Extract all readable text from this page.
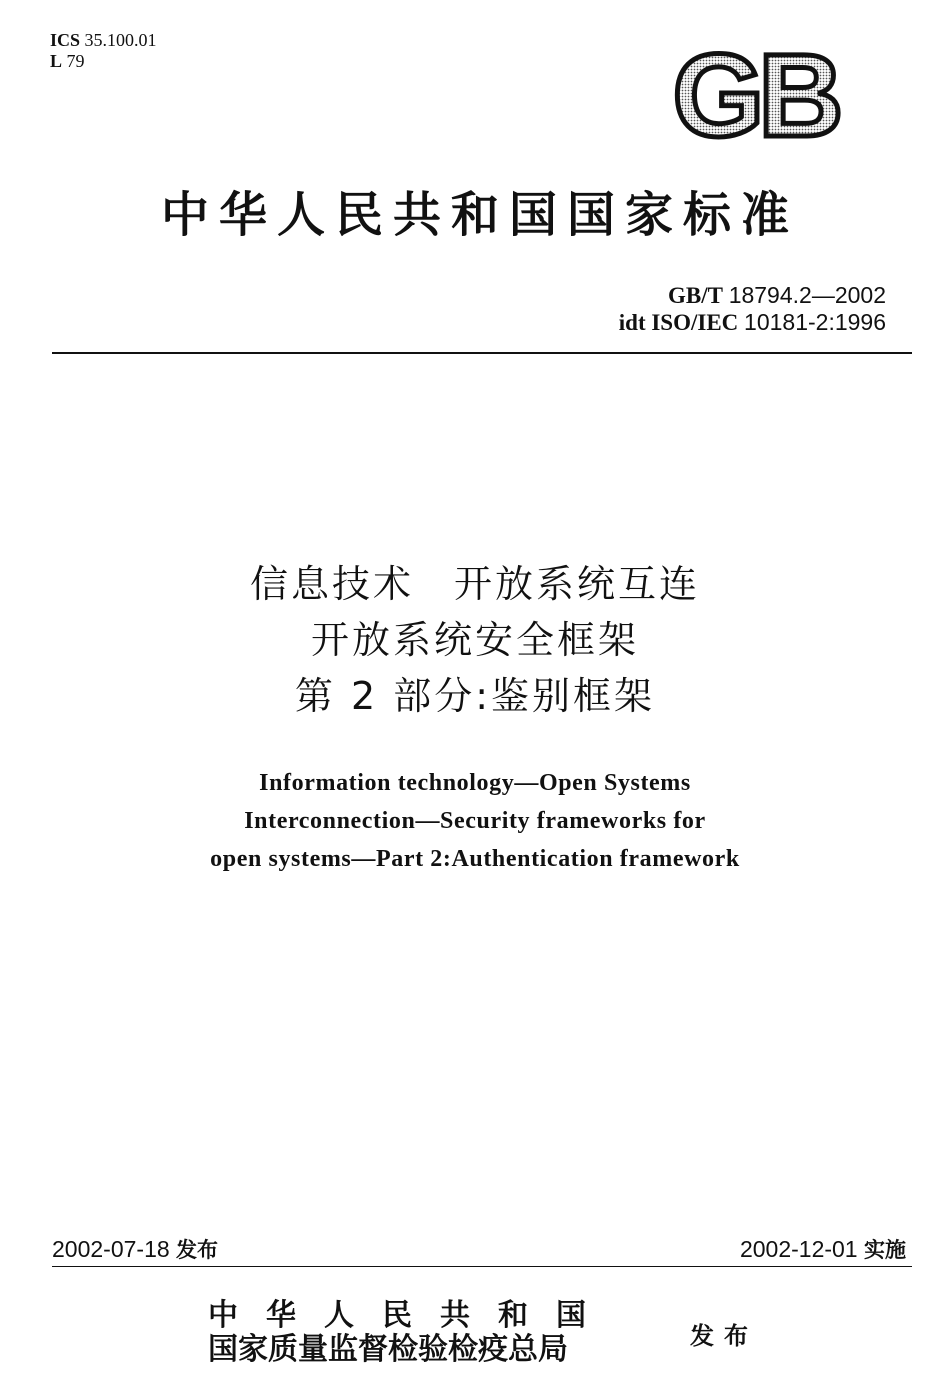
ICS 35.100.01
L 79	GB
中华人民共和国国家标准
GB/T 18794.2—2002
idt ISO/IEC 10181-2:1996
信息技术 开放系统互连
开放系统安全框架
第 2 部分:鉴别框架
Information technology—Open Systems
Interconnection—Security frameworks for
open systems—Part 2:Authentication framework
2002-07-18 发布	2002-12-01 实施
中华人民共和国
国家质量监督检验检疫总局	发布
